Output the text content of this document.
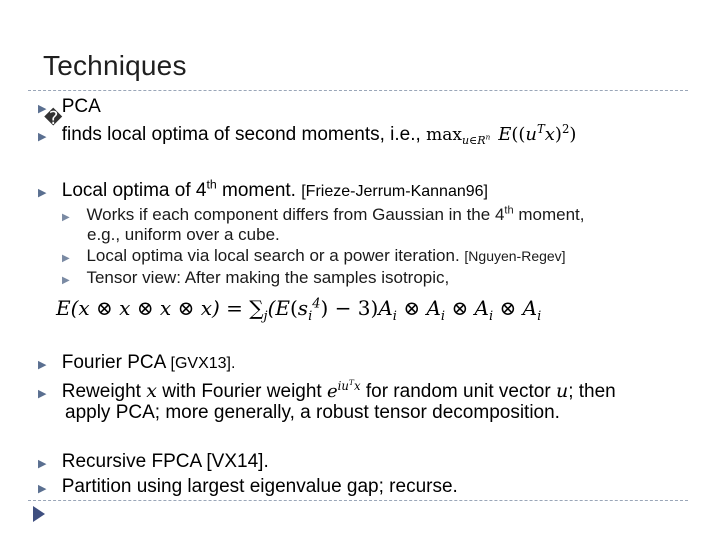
Techniques
▶ PCA
�
▶ finds local optima of second moments, i.e., $\max_{u\in R^n} E((u^Tx)^2)$
▶ Local optima of 4th moment. [Frieze-Jerrum-Kannan96]
▶ Works if each component differs from Gaussian in the 4th moment,
e.g., uniform over a cube.
▶ Local optima via local search or a power iteration. [Nguyen-Regev]
▶ Tensor view: After making the samples isotropic,
E(x ⊗ x ⊗ x ⊗ $x) = \sum_j(E(s_i^4) - 3)A_i$ ⊗ $A_i$ ⊗ $A_i$ ⊗ $A_i$
▶ Fourier PCA [GVX13].
▶ Reweight x with Fourier weight $e^{iu^Tx}$ for random unit vector u; then
apply PCA; more generally, a robust tensor decomposition.
▶ Recursive FPCA [VX14].
▶ Partition using largest eigenvalue gap; recurse.
